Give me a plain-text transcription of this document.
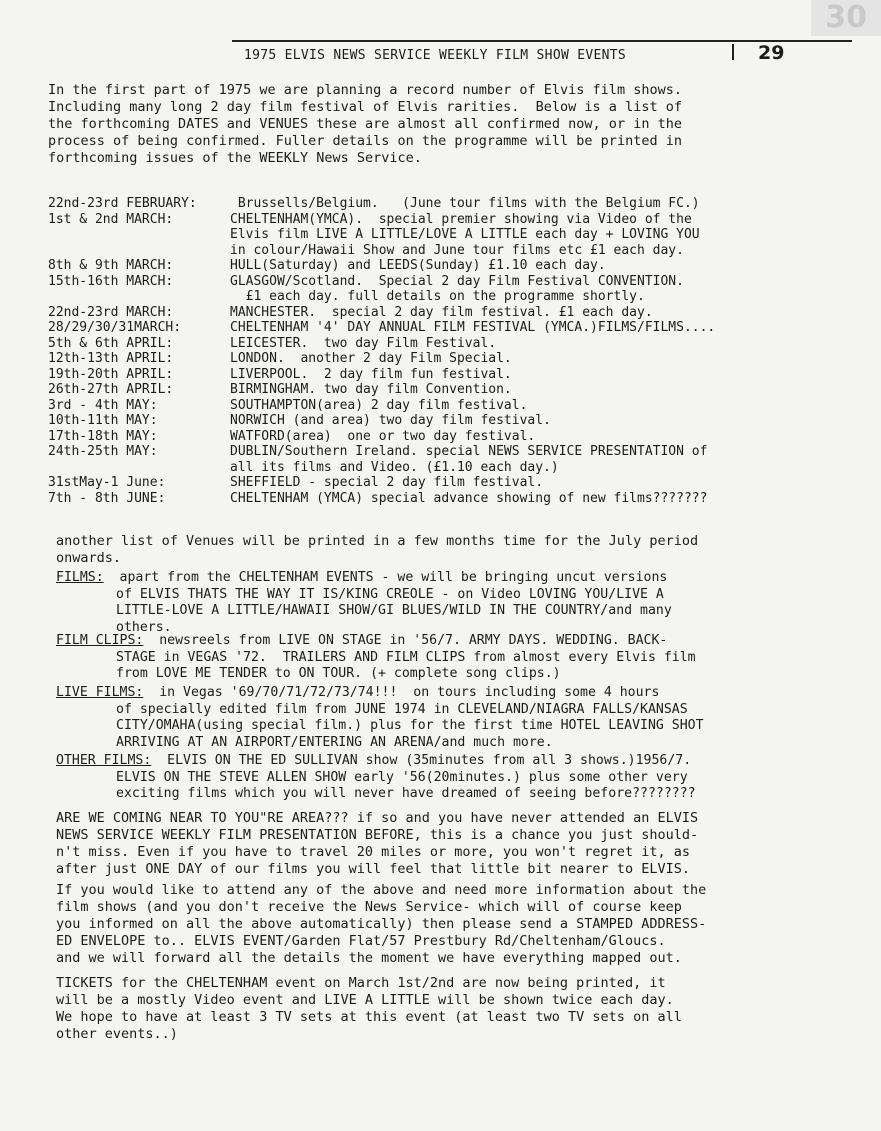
30
1975 ELVIS NEWS SERVICE WEEKLY FILM SHOW EVENTS	29

In the first part of 1975 we are planning a record number of Elvis film shows.
Including many long 2 day film festival of Elvis rarities.  Below is a list of
the forthcoming DATES and VENUES these are almost all confirmed now, or in the
process of being confirmed. Fuller details on the programme will be printed in
forthcoming issues of the WEEKLY News Service.

22nd-23rd FEBRUARY:	Brussells/Belgium.   (June tour films with the Belgium FC.)
1st & 2nd MARCH:	CHELTENHAM(YMCA).  special premier showing via Video of the
Elvis film LIVE A LITTLE/LOVE A LITTLE each day + LOVING YOU
in colour/Hawaii Show and June tour films etc £1 each day.
8th & 9th MARCH:	HULL(Saturday) and LEEDS(Sunday) £1.10 each day.
15th-16th MARCH:	GLASGOW/Scotland.  Special 2 day Film Festival CONVENTION.
£1 each day. full details on the programme shortly.
22nd-23rd MARCH:	MANCHESTER.  special 2 day film festival. £1 each day.
28/29/30/31MARCH:	CHELTENHAM '4' DAY ANNUAL FILM FESTIVAL (YMCA.)FILMS/FILMS....
5th & 6th APRIL:	LEICESTER.  two day Film Festival.
12th-13th APRIL:	LONDON.  another 2 day Film Special.
19th-20th APRIL:	LIVERPOOL.  2 day film fun festival.
26th-27th APRIL:	BIRMINGHAM. two day film Convention.
3rd - 4th MAY:	SOUTHAMPTON(area) 2 day film festival.
10th-11th MAY:	NORWICH (and area) two day film festival.
17th-18th MAY:	WATFORD(area)  one or two day festival.
24th-25th MAY:	DUBLIN/Southern Ireland. special NEWS SERVICE PRESENTATION of
all its films and Video. (£1.10 each day.)
31stMay-1 June:	SHEFFIELD - special 2 day film festival.
7th - 8th JUNE:	CHELTENHAM (YMCA) special advance showing of new films???????

another list of Venues will be printed in a few months time for the July period
onwards.

FILMS:  apart from the CHELTENHAM EVENTS - we will be bringing uncut versions
of ELVIS THATS THE WAY IT IS/KING CREOLE - on Video LOVING YOU/LIVE A
LITTLE-LOVE A LITTLE/HAWAII SHOW/GI BLUES/WILD IN THE COUNTRY/and many
others.
FILM CLIPS:  newsreels from LIVE ON STAGE in '56/7. ARMY DAYS. WEDDING. BACK-
STAGE in VEGAS '72.  TRAILERS AND FILM CLIPS from almost every Elvis film
from LOVE ME TENDER to ON TOUR. (+ complete song clips.)
LIVE FILMS:  in Vegas '69/70/71/72/73/74!!!  on tours including some 4 hours
of specially edited film from JUNE 1974 in CLEVELAND/NIAGRA FALLS/KANSAS
CITY/OMAHA(using special film.) plus for the first time HOTEL LEAVING SHOT
ARRIVING AT AN AIRPORT/ENTERING AN ARENA/and much more.
OTHER FILMS:  ELVIS ON THE ED SULLIVAN show (35minutes from all 3 shows.)1956/7.
ELVIS ON THE STEVE ALLEN SHOW early '56(20minutes.) plus some other very
exciting films which you will never have dreamed of seeing before????????

ARE WE COMING NEAR TO YOU"RE AREA??? if so and you have never attended an ELVIS
NEWS SERVICE WEEKLY FILM PRESENTATION BEFORE, this is a chance you just should-
n't miss. Even if you have to travel 20 miles or more, you won't regret it, as
after just ONE DAY of our films you will feel that little bit nearer to ELVIS.

If you would like to attend any of the above and need more information about the
film shows (and you don't receive the News Service- which will of course keep
you informed on all the above automatically) then please send a STAMPED ADDRESS-
ED ENVELOPE to.. ELVIS EVENT/Garden Flat/57 Prestbury Rd/Cheltenham/Gloucs.
and we will forward all the details the moment we have everything mapped out.

TICKETS for the CHELTENHAM event on March 1st/2nd are now being printed, it
will be a mostly Video event and LIVE A LITTLE will be shown twice each day.
We hope to have at least 3 TV sets at this event (at least two TV sets on all
other events..)
